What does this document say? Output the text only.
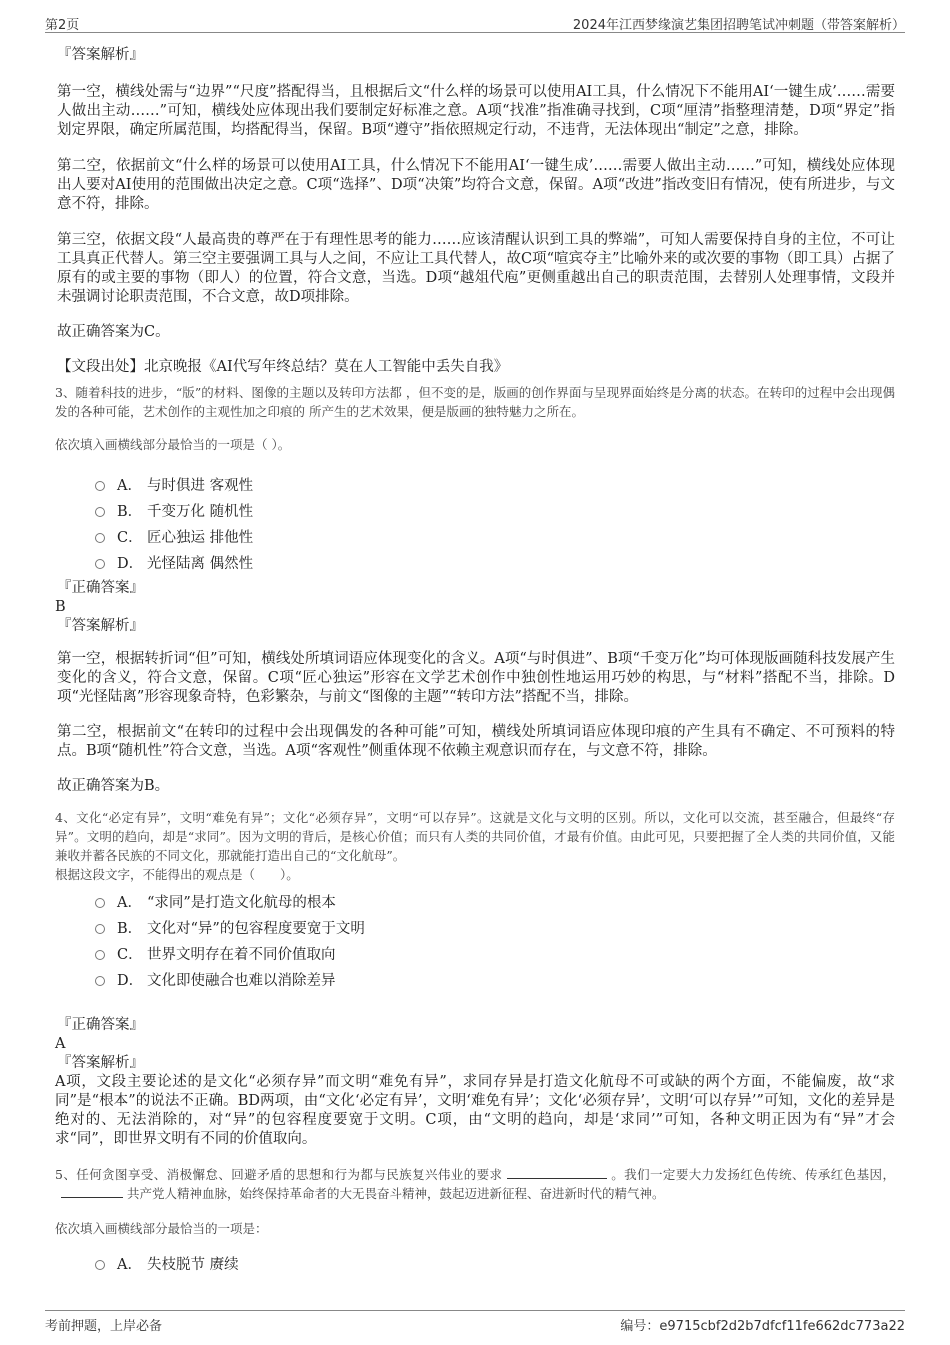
第2页	2024年江西梦缘演艺集团招聘笔试冲刺题（带答案解析）
『答案解析』

第一空，横线处需与“边界”“尺度”搭配得当，且根据后文“什么样的场景可以使用AI工具，什么情况下不能用AI‘一键生成’……需要人做出主动……”可知，横线处应体现出我们要制定好标准之意。A项“找准”指准确寻找到，C项“厘清”指整理清楚，D项“界定”指划定界限，确定所属范围，均搭配得当，保留。B项“遵守”指依照规定行动，不违背，无法体现出“制定”之意，排除。

第二空，依据前文“什么样的场景可以使用AI工具，什么情况下不能用AI‘一键生成’……需要人做出主动……”可知，横线处应体现出人要对AI使用的范围做出决定之意。C项“选择”、D项“决策”均符合文意，保留。A项“改进”指改变旧有情况，使有所进步，与文意不符，排除。

第三空，依据文段“人最高贵的尊严在于有理性思考的能力……应该清醒认识到工具的弊端”，可知人需要保持自身的主位，不可让工具真正代替人。第三空主要强调工具与人之间，不应让工具代替人，故C项“喧宾夺主”比喻外来的或次要的事物（即工具）占据了原有的或主要的事物（即人）的位置，符合文意，当选。D项“越俎代庖”更侧重越出自己的职责范围，去替别人处理事情，文段并未强调讨论职责范围，不合文意，故D项排除。

故正确答案为C。

【文段出处】北京晚报《AI代写年终总结？莫在人工智能中丢失自我》

3、随着科技的进步，“版”的材料、图像的主题以及转印方法都 ，但不变的是，版画的创作界面与呈现界面始终是分离的状态。在转印的过程中会出现偶发的各种可能，艺术创作的主观性加之印痕的 所产生的艺术效果，便是版画的独特魅力之所在。
依次填入画横线部分最恰当的一项是（ ）。
A． 与时俱进 客观性
B． 千变万化 随机性
C． 匠心独运 排他性
D． 光怪陆离 偶然性
『正确答案』
B
『答案解析』

第一空，根据转折词“但”可知，横线处所填词语应体现变化的含义。A项“与时俱进”、B项“千变万化”均可体现版画随科技发展产生变化的含义，符合文意，保留。C项“匠心独运”形容在文学艺术创作中独创性地运用巧妙的构思，与“材料”搭配不当，排除。D项“光怪陆离”形容现象奇特，色彩繁杂，与前文“图像的主题”“转印方法”搭配不当，排除。

第二空，根据前文“在转印的过程中会出现偶发的各种可能”可知，横线处所填词语应体现印痕的产生具有不确定、不可预料的特点。B项“随机性”符合文意，当选。A项“客观性”侧重体现不依赖主观意识而存在，与文意不符，排除。

故正确答案为B。

4、文化“必定有异”，文明“难免有异”；文化“必须存异”，文明“可以存异”。这就是文化与文明的区别。所以，文化可以交流，甚至融合，但最终“存异”。文明的趋向，却是“求同”。因为文明的背后，是核心价值；而只有人类的共同价值，才最有价值。由此可见，只要把握了全人类的共同价值，又能兼收并蓄各民族的不同文化，那就能打造出自己的“文化航母”。
根据这段文字，不能得出的观点是（　　）。
A． “求同”是打造文化航母的根本
B． 文化对“异”的包容程度要宽于文明
C． 世界文明存在着不同价值取向
D． 文化即使融合也难以消除差异
『正确答案』
A
『答案解析』

A项，文段主要论述的是文化“必须存异”而文明“难免有异”，求同存异是打造文化航母不可或缺的两个方面，不能偏废，故“求同”是“根本”的说法不正确。BD两项，由“文化‘必定有异’，文明‘难免有异’；文化‘必须存异’，文明‘可以存异’”可知，文化的差异是绝对的、无法消除的，对“异”的包容程度要宽于文明。C项，由“文明的趋向，却是‘求同’”可知，各种文明正因为有“异”才会求“同”，即世界文明有不同的价值取向。

5、任何贪图享受、消极懈怠、回避矛盾的思想和行为都与民族复兴伟业的要求	。我们一定要大力发扬红色传统、传承红色基因，  共产党人精神血脉，始终保持革命者的大无畏奋斗精神，鼓起迈进新征程、奋进新时代的精气神。
依次填入画横线部分最恰当的一项是：
A． 失枝脱节 赓续
考前押题，上岸必备	编号：e9715cbf2d2b7dfcf11fe662dc773a22
